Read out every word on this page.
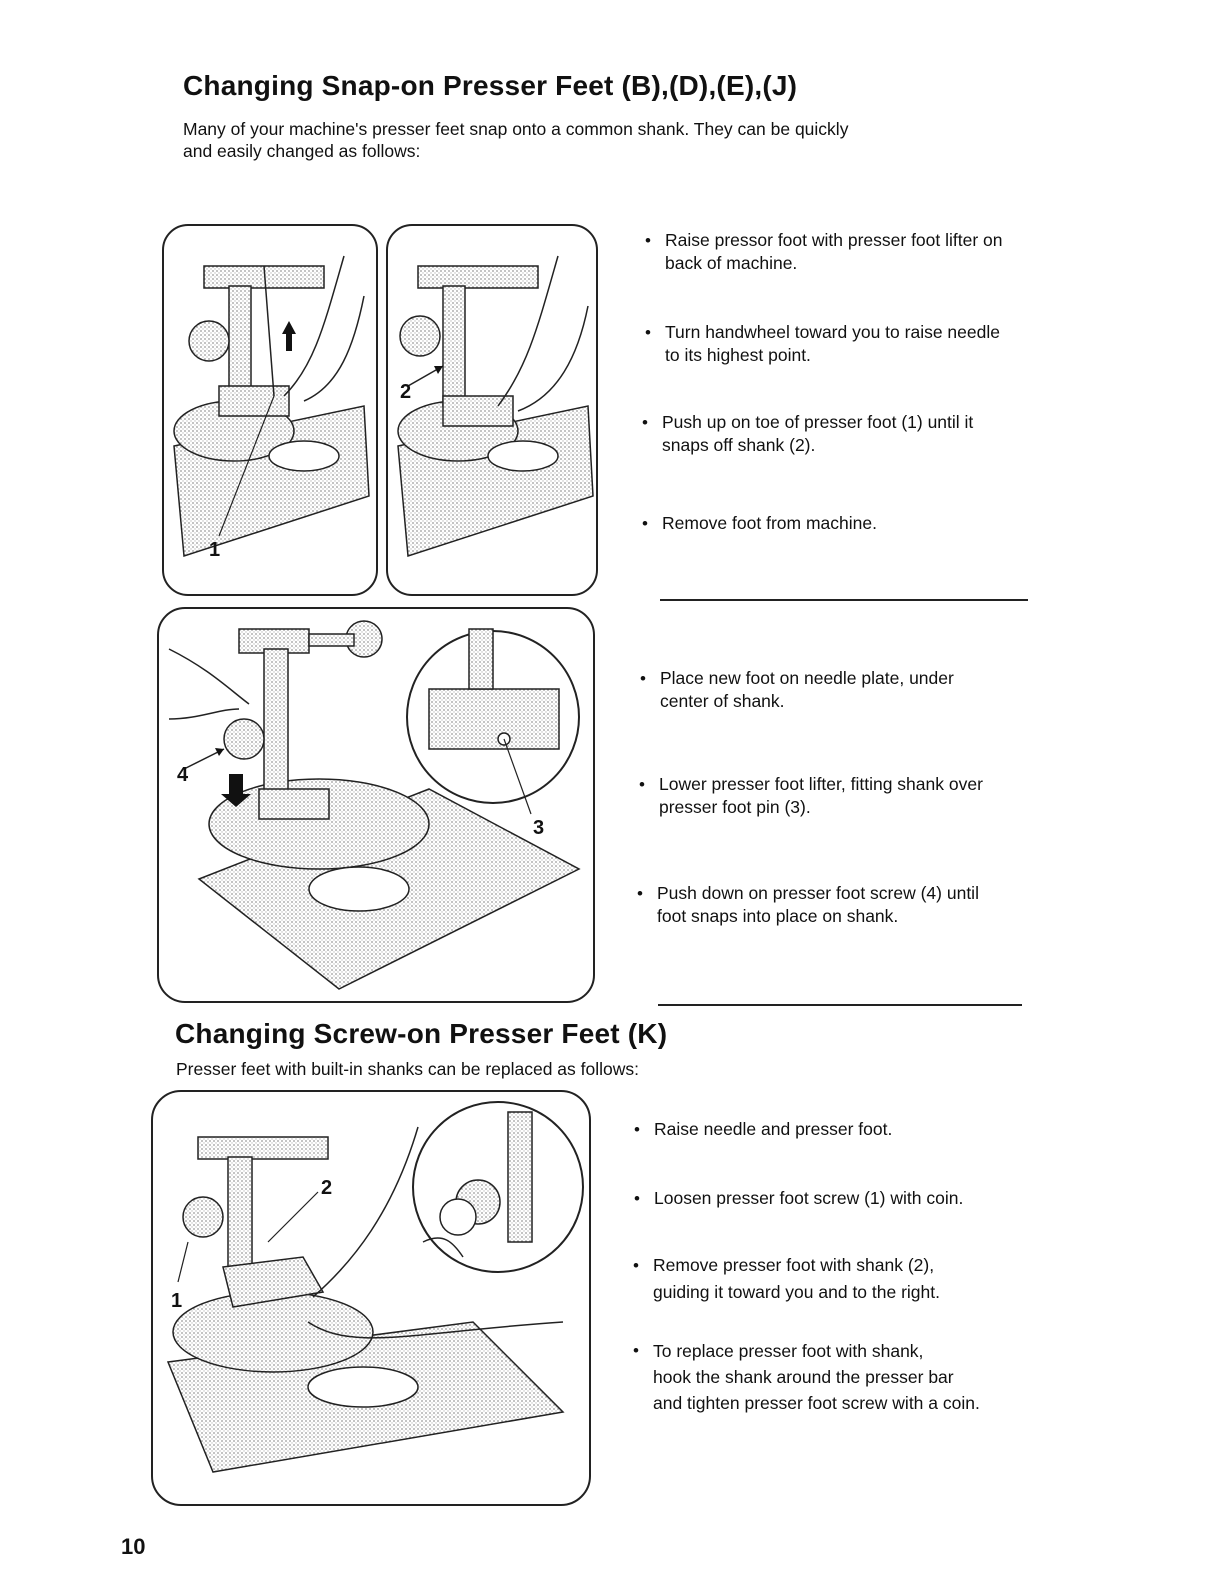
Changing Snap-on Presser Feet (B),(D),(E),(J)

Many of your machine's presser feet snap onto a common shank. They can be quickly
and easily changed as follows:

1
2
4
3
• Raise pressor foot with presser foot lifter on
back of machine.
• Turn handwheel toward you to raise needle
to its highest point.
• Push up on toe of presser foot (1) until it
snaps off shank (2).
• Remove foot from machine.
• Place new foot on needle plate, under
center of shank.
• Lower presser foot lifter, fitting shank over
presser foot pin (3).
• Push down on presser foot screw (4) until
foot snaps into place on shank.
Changing Screw-on Presser Feet (K)

Presser feet with built-in shanks can be replaced as follows:

2
1
• Raise needle and presser foot.
• Loosen presser foot screw (1) with coin.
• Remove presser foot with shank (2),
guiding it toward you and to the right.
• To replace presser foot with shank,
hook the shank around the presser bar
and tighten presser foot screw with a coin.
10
